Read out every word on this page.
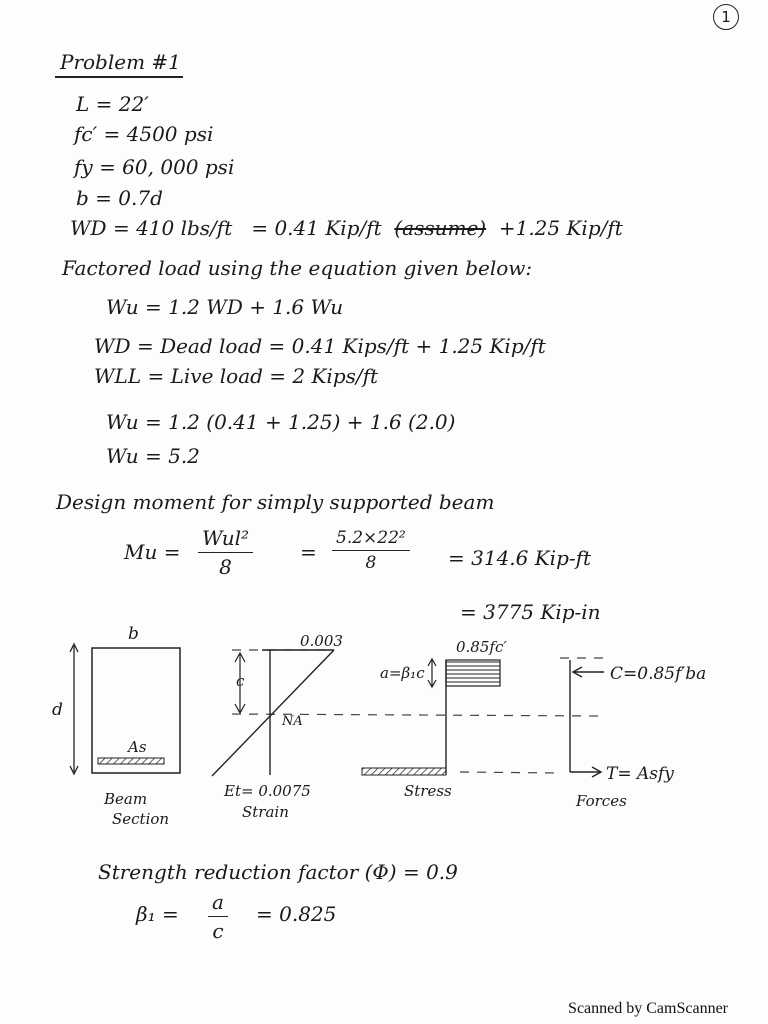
1
Problem #1
L = 22′
fc′ = 4500 psi
fy = 60, 000 psi
b = 0.7d
WD = 410 lbs/ft = 0.41 Kip/ft (assume) +1.25 Kip/ft
Factored load using the equation given below:
Wu = 1.2 WD + 1.6 Wu
WD = Dead load = 0.41 Kips/ft + 1.25 Kip/ft
WLL = Live load = 2 Kips/ft
Wu = 1.2 (0.41 + 1.25) + 1.6 (2.0)
Wu = 5.2
Design moment for simply supported beam
Mu =
Wul²
8
= $\frac{\text{5.2×22²}}{8} = 314.6$ Kip-ft
= 3775 Kip-in
b
d
As
0.003
c
NA
0.85fc′
a=β₁c	C=0.85f′ba
T= Asfy
Et= 0.0075
Beam
Section	Strain
Stress
Forces
Strength reduction factor (Φ) = 0.9
$\beta_1 = \frac{a}{c} = 0.825$
Scanned by CamScanner
